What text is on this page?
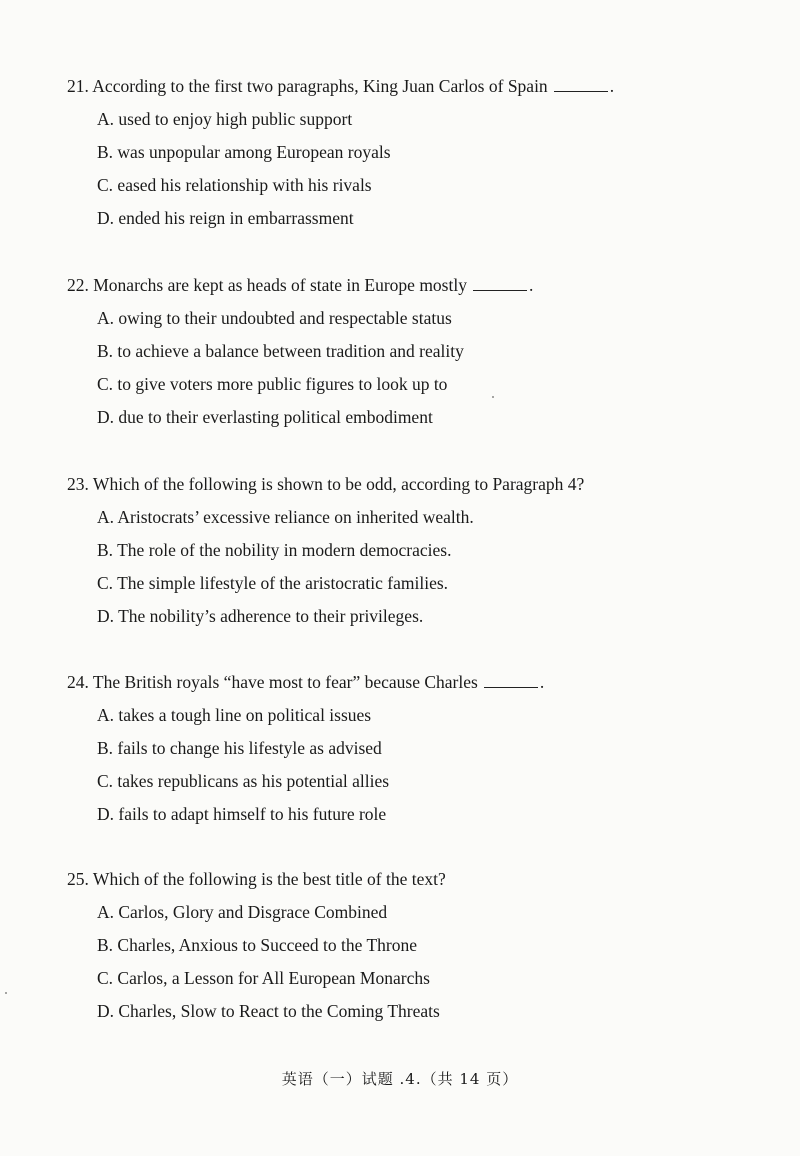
21. According to the first two paragraphs, King Juan Carlos of Spain	.
A. used to enjoy high public support
B. was unpopular among European royals
C. eased his relationship with his rivals
D. ended his reign in embarrassment
22. Monarchs are kept as heads of state in Europe mostly	.
A. owing to their undoubted and respectable status
B. to achieve a balance between tradition and reality
C. to give voters more public figures to look up to
D. due to their everlasting political embodiment
23. Which of the following is shown to be odd, according to Paragraph 4?
A. Aristocrats’ excessive reliance on inherited wealth.
B. The role of the nobility in modern democracies.
C. The simple lifestyle of the aristocratic families.
D. The nobility’s adherence to their privileges.
24. The British royals “have most to fear” because Charles	.
A. takes a tough line on political issues
B. fails to change his lifestyle as advised
C. takes republicans as his potential allies
D. fails to adapt himself to his future role
25. Which of the following is the best title of the text?
A. Carlos, Glory and Disgrace Combined
B. Charles, Anxious to Succeed to the Throne
C. Carlos, a Lesson for All European Monarchs
D. Charles, Slow to React to the Coming Threats
英语（一）试题 .4.（共 14 页）
